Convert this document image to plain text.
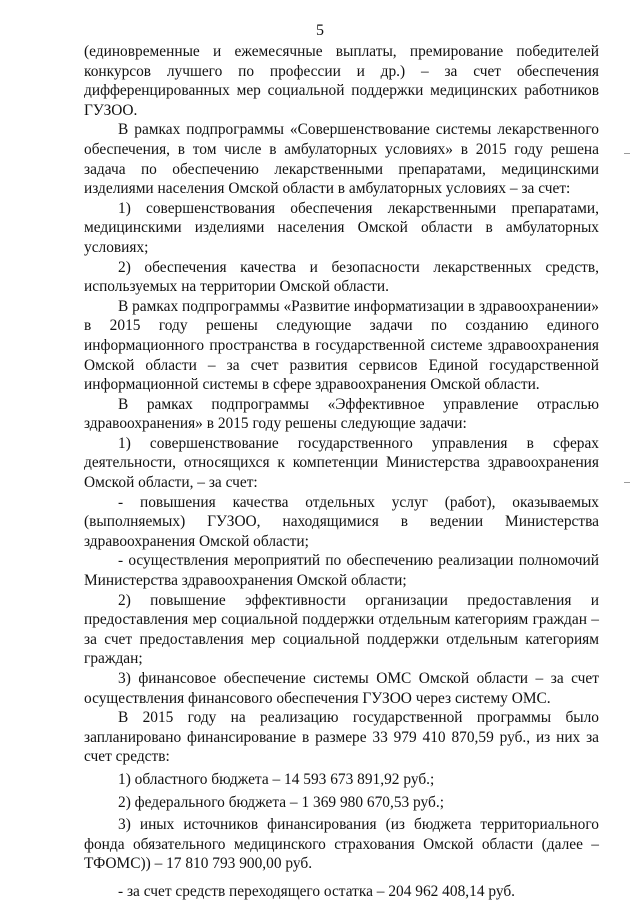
5

(единовременные и ежемесячные выплаты, премирование победителей конкурсов лучшего по профессии и др.) – за счет обеспечения дифференцированных мер социальной поддержки медицинских работников ГУЗОО.

В рамках подпрограммы «Совершенствование системы лекарственного обеспечения, в том числе в амбулаторных условиях» в 2015 году решена задача по обеспечению лекарственными препаратами, медицинскими изделиями населения Омской области в амбулаторных условиях – за счет:

1) совершенствования обеспечения лекарственными препаратами, медицинскими изделиями населения Омской области в амбулаторных условиях;

2) обеспечения качества и безопасности лекарственных средств, используемых на территории Омской области.

В рамках подпрограммы «Развитие информатизации в здравоохранении» в 2015 году решены следующие задачи по созданию единого информационного пространства в государственной системе здравоохранения Омской области – за счет развития сервисов Единой государственной информационной системы в сфере здравоохранения Омской области.

В рамках подпрограммы «Эффективное управление отраслью здравоохранения» в 2015 году решены следующие задачи:

1) совершенствование государственного управления в сферах деятельности, относящихся к компетенции Министерства здравоохранения Омской области, – за счет:

- повышения качества отдельных услуг (работ), оказываемых (выполняемых) ГУЗОО, находящимися в ведении Министерства здравоохранения Омской области;

- осуществления мероприятий по обеспечению реализации полномочий Министерства здравоохранения Омской области;

2) повышение эффективности организации предоставления и предоставления мер социальной поддержки отдельным категориям граждан – за счет предоставления мер социальной поддержки отдельным категориям граждан;

3) финансовое обеспечение системы ОМС Омской области – за счет осуществления финансового обеспечения ГУЗОО через систему ОМС.

В 2015 году на реализацию государственной программы было запланировано финансирование в размере 33 979 410 870,59 руб., из них за счет средств:

1) областного бюджета – 14 593 673 891,92 руб.;

2) федерального бюджета – 1 369 980 670,53 руб.;

3) иных источников финансирования (из бюджета территориального фонда обязательного медицинского страхования Омской области (далее – ТФОМС)) – 17 810 793 900,00 руб.

- за счет средств переходящего остатка – 204 962 408,14 руб.
